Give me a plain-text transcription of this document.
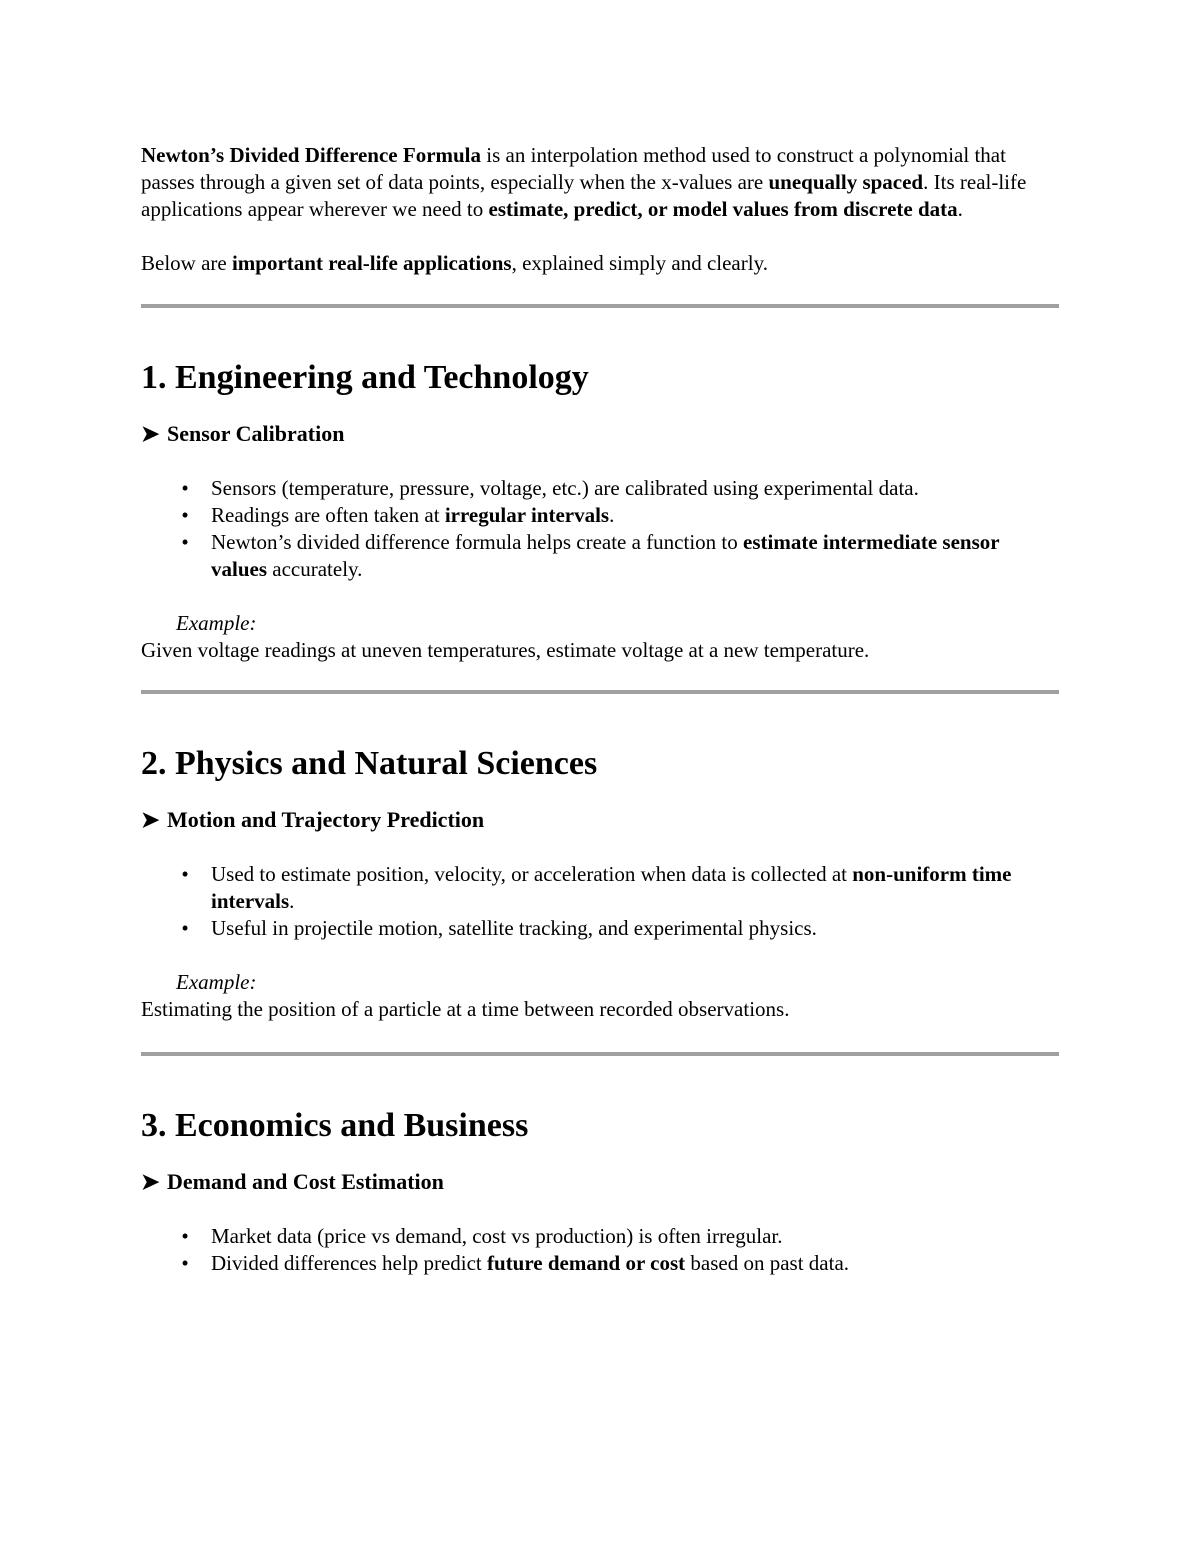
Newton’s Divided Difference Formula is an interpolation method used to construct a polynomial that passes through a given set of data points, especially when the x-values are unequally spaced. Its real-life applications appear wherever we need to estimate, predict, or model values from discrete data.

Below are important real-life applications, explained simply and clearly.

1. Engineering and Technology
➤ Sensor Calibration
•	Sensors (temperature, pressure, voltage, etc.) are calibrated using experimental data.
•	Readings are often taken at irregular intervals.
•	Newton’s divided difference formula helps create a function to estimate intermediate sensor values accurately.

Example:

Given voltage readings at uneven temperatures, estimate voltage at a new temperature.

2. Physics and Natural Sciences
➤ Motion and Trajectory Prediction
•	Used to estimate position, velocity, or acceleration when data is collected at non-uniform time intervals.
•	Useful in projectile motion, satellite tracking, and experimental physics.

Example:

Estimating the position of a particle at a time between recorded observations.

3. Economics and Business
➤ Demand and Cost Estimation
•	Market data (price vs demand, cost vs production) is often irregular.
•	Divided differences help predict future demand or cost based on past data.
